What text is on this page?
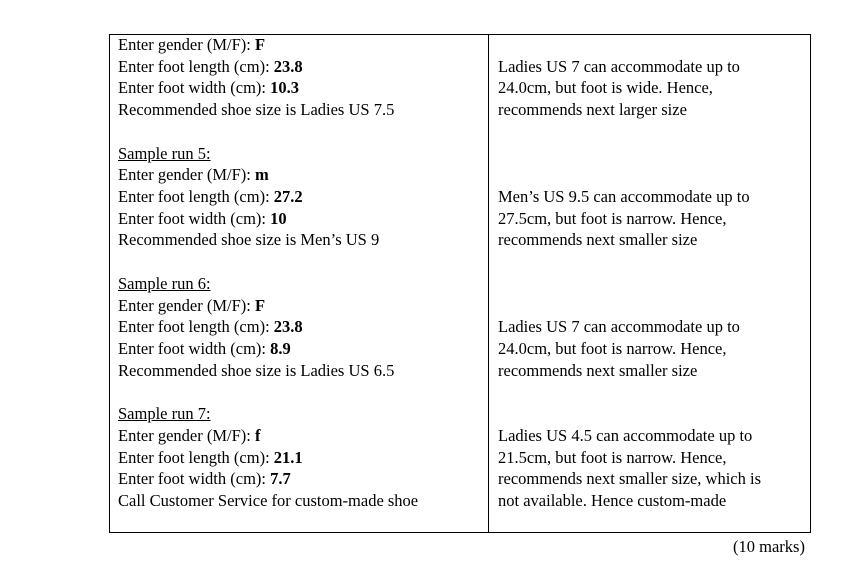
Enter gender (M/F): F
Enter foot length (cm): 23.8
Enter foot width (cm): 10.3
Recommended shoe size is Ladies US 7.5
Ladies US 7 can accommodate up to
24.0cm, but foot is wide. Hence,
recommends next larger size
Sample run 5:
Enter gender (M/F): m
Enter foot length (cm): 27.2
Enter foot width (cm): 10
Recommended shoe size is Men’s US 9
Men’s US 9.5 can accommodate up to
27.5cm, but foot is narrow. Hence,
recommends next smaller size
Sample run 6:
Enter gender (M/F): F
Enter foot length (cm): 23.8
Enter foot width (cm): 8.9
Recommended shoe size is Ladies US 6.5
Ladies US 7 can accommodate up to
24.0cm, but foot is narrow. Hence,
recommends next smaller size
Sample run 7:
Enter gender (M/F): f
Enter foot length (cm): 21.1
Enter foot width (cm): 7.7
Call Customer Service for custom-made shoe
Ladies US 4.5 can accommodate up to
21.5cm, but foot is narrow. Hence,
recommends next smaller size, which is
not available. Hence custom-made
(10 marks)
